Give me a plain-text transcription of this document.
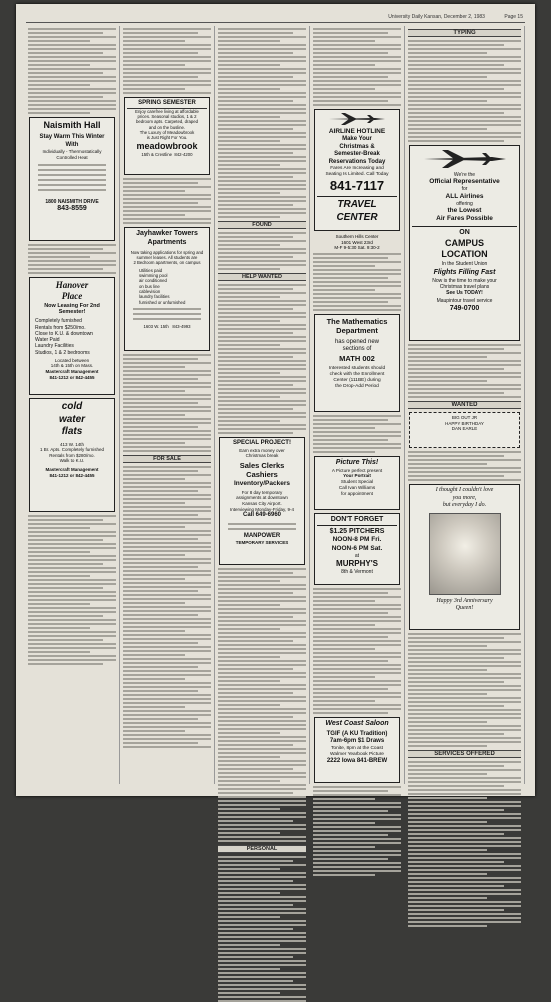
University Daily Kansan, December 2, 1983	Page 15
Naismith Hall
Stay Warm This Winter
With
Individually - Thermostatically
Controlled Heat
1800 NAISMITH DRIVE
843-8559
Hanover
Place
Now Leasing For 2nd Semester!
Completely furnished
Rentals from $250/mo.
Close to K.U. & downtown
Water Paid
Laundry Facilities
Studios, 1 & 2 bedrooms
Located between
14th & 15th on Mass.
Mastercraft Management
841-1212 or 842-4455
cold
water
flats
413 W. 14th
1 Br. Apts. Completely furnished
Rentals from $280/mo.
Walk to K.U.
Mastercraft Management
841-1212 or 842-4455
SPRING SEMESTER
Enjoy carefree living at affordable
prices. Seasonal studios, 1 & 2
bedroom apts. Carpeted, draped
and on the busline.
The Luxury of Meadowbrook
is Just Right For You.
meadowbrook
15th & Crestline 842-4200
Jayhawker Towers
Apartments
Now taking applications for spring and
summer leases. All students are
2 Bedroom apartments, on campus
Utilities paid
swimming pool
air conditioned
on bus line
cablevision
laundry facilities
furnished or unfurnished
1603 W. 15th 843-4993
FOR SALE
FOUND
HELP WANTED
SPECIAL PROJECT!
Earn extra money over
Christmas break
Sales Clerks
Cashiers
Inventory/Packers
For 8 day temporary
assignments at downtown
Kansas City Airport.
Interviewing Monday-Friday, 9-4
Call 649-6960
MANPOWER
TEMPORARY SERVICES
PERSONAL
AIRLINE HOTLINE
Make Your
Christmas &
Semester-Break
Reservations Today
Fares Are Increasing and
Seating Is Limited. Call Today
841-7117
TRAVEL
CENTER
Southern Hills Center
1601 West 23rd
M-F 9-5:30 Sat. 9:30-2
The Mathematics
Department
has opened new
sections of
MATH 002
Interested students should
check with the Enrollment
Center (111BE) during
the Drop-Add Period
Picture This!
A Picture perfect present
Your Portrait
Student Special
Call Ivan Williams
for appointment
DON'T FORGET
$1.25 PITCHERS
NOON-8 PM Fri.
NOON-6 PM Sat.
at
MURPHY'S
8th & Vermont
West Coast Saloon
TGIF (A KU Tradition)
7am-6pm $1 Draws
Tonite, 8pm at the Coast
Walmer Yearbook Picture
2222 Iowa 841-BREW
TYPING
We're the
Official Representative
for
ALL Airlines
offering
the Lowest
Air Fares Possible
ON
CAMPUS
LOCATION
In the Student Union
Flights Filling Fast
Now is the time to make your
Christmas travel plans
See Us TODAY!
Maupintour travel service
749-0700
WANTED
BIG OUT JR
HAPPY BIRTHDAY
DAN EARLE
I thought I couldn't love
you more,
but everyday I do.
Happy 3rd Anniversary
Queen!
SERVICES OFFERED
